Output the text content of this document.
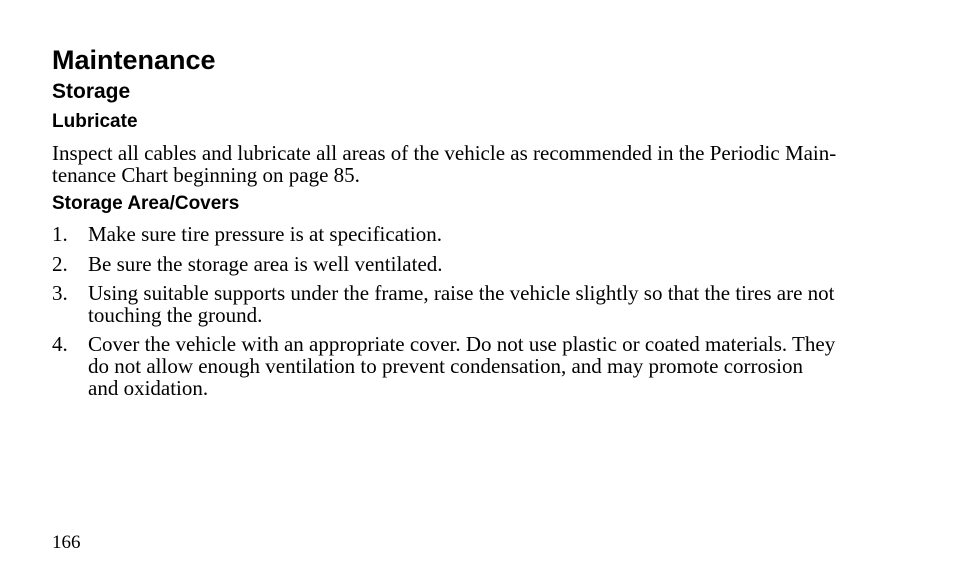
Maintenance
Storage
Lubricate
Inspect all cables and lubricate all areas of the vehicle as recommended in the Periodic Main-
tenance Chart beginning on page 85.
Storage Area/Covers
1. Make sure tire pressure is at specification.
2. Be sure the storage area is well ventilated.
3. Using suitable supports under the frame, raise the vehicle slightly so that the tires are not
touching the ground.
4. Cover the vehicle with an appropriate cover. Do not use plastic or coated materials. They
do not allow enough ventilation to prevent condensation, and may promote corrosion
and oxidation.
166
